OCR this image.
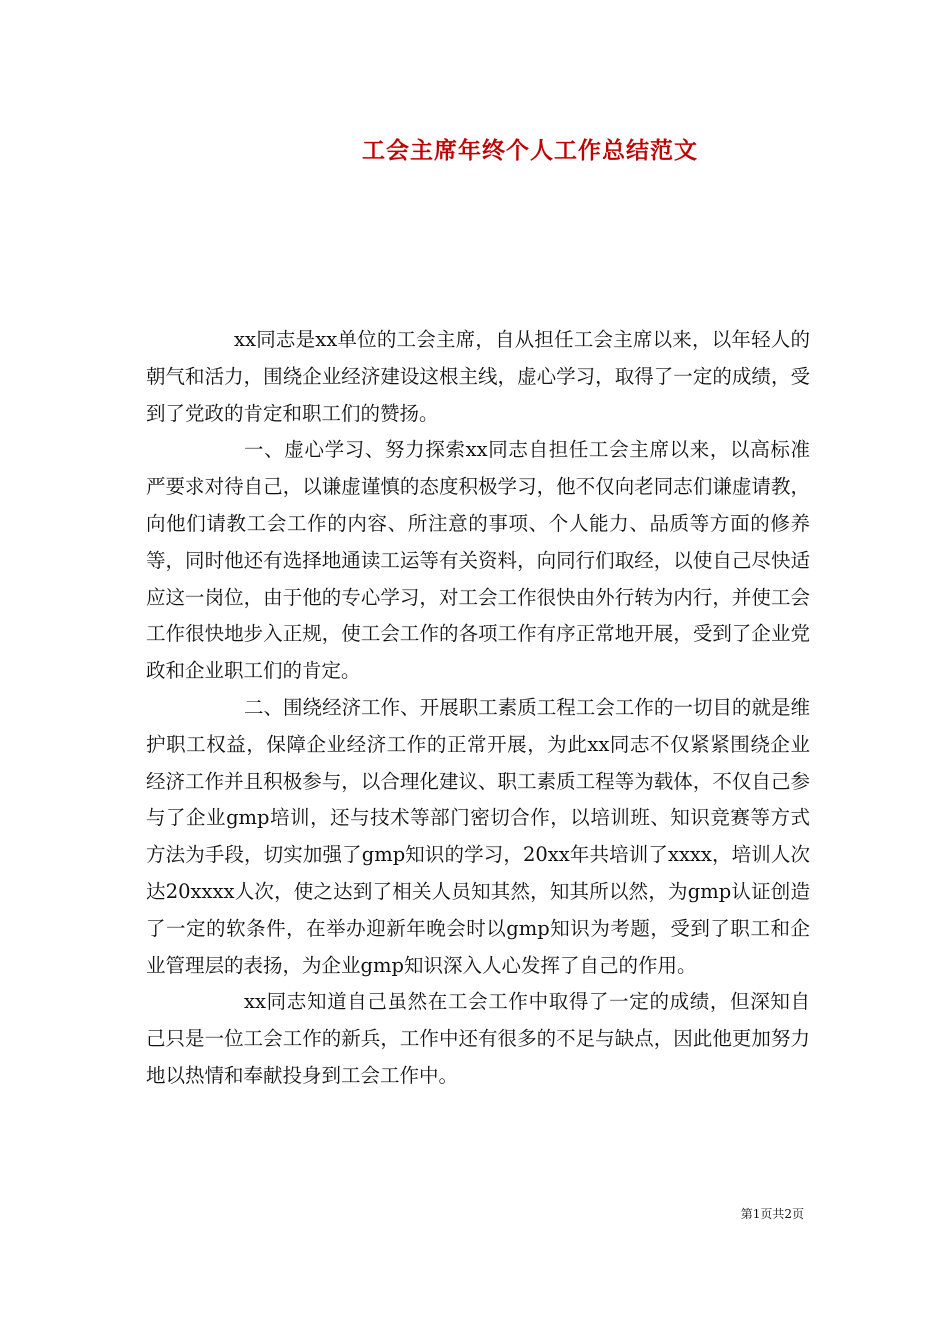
工会主席年终个人工作总结范文

xx同志是xx单位的工会主席，自从担任工会主席以来，以年轻人的朝气和活力，围绕企业经济建设这根主线，虚心学习，取得了一定的成绩，受到了党政的肯定和职工们的赞扬。

一、虚心学习、努力探索xx同志自担任工会主席以来，以高标准严要求对待自己，以谦虚谨慎的态度积极学习，他不仅向老同志们谦虚请教，向他们请教工会工作的内容、所注意的事项、个人能力、品质等方面的修养等，同时他还有选择地通读工运等有关资料，向同行们取经，以使自己尽快适应这一岗位，由于他的专心学习，对工会工作很快由外行转为内行，并使工会工作很快地步入正规，使工会工作的各项工作有序正常地开展，受到了企业党政和企业职工们的肯定。

二、围绕经济工作、开展职工素质工程工会工作的一切目的就是维护职工权益，保障企业经济工作的正常开展，为此xx同志不仅紧紧围绕企业经济工作并且积极参与，以合理化建议、职工素质工程等为载体，不仅自己参与了企业gmp培训，还与技术等部门密切合作，以培训班、知识竞赛等方式方法为手段，切实加强了gmp知识的学习，20xx年共培训了xxxx，培训人次达20xxxx人次，使之达到了相关人员知其然，知其所以然，为gmp认证创造了一定的软条件，在举办迎新年晚会时以gmp知识为考题，受到了职工和企业管理层的表扬，为企业gmp知识深入人心发挥了自己的作用。

xx同志知道自己虽然在工会工作中取得了一定的成绩，但深知自己只是一位工会工作的新兵，工作中还有很多的不足与缺点，因此他更加努力地以热情和奉献投身到工会工作中。

第1页共2页
